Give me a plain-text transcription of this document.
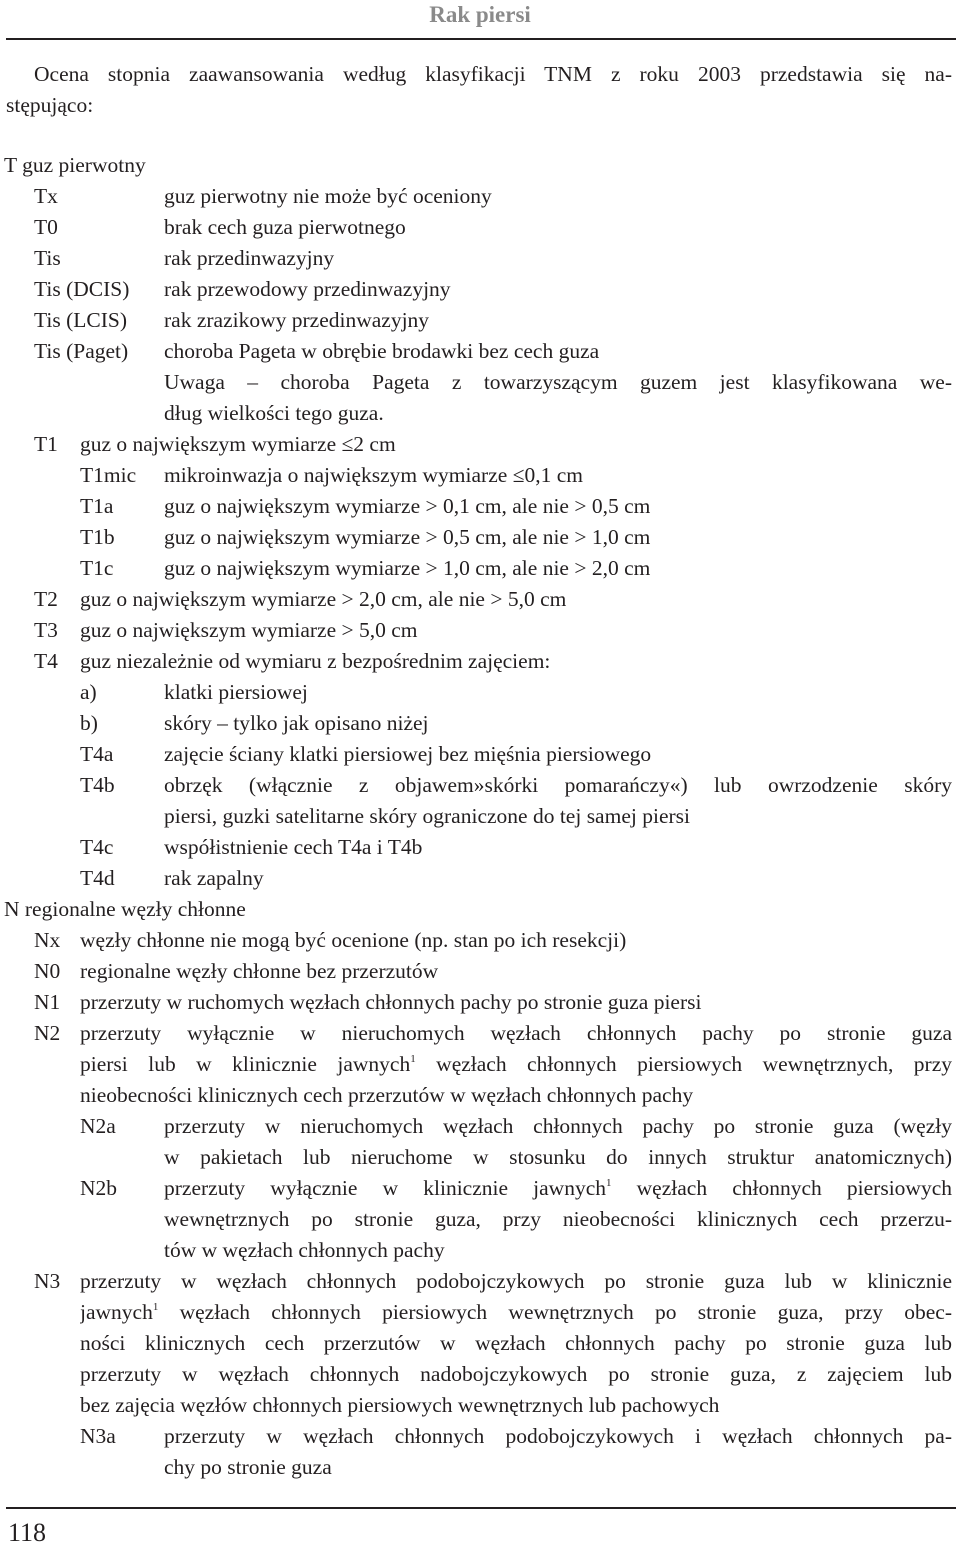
Rak piersi
Ocena stopnia zaawansowania według klasyfikacji TNM z roku 2003 przedstawia się na-
stępująco:
T guz pierwotny
Tx	guz pierwotny nie może być oceniony
T0	brak cech guza pierwotnego
Tis	rak przedinwazyjny
Tis (DCIS) rak przewodowy przedinwazyjny
Tis (LCIS) rak zrazikowy przedinwazyjny
Tis (Paget) choroba Pageta w obrębie brodawki bez cech guza
Uwaga – choroba Pageta z towarzyszącym guzem jest klasyfikowana we-
dług wielkości tego guza.
T1 guz o największym wymiarze ≤2 cm
T1mic mikroinwazja o największym wymiarze ≤0,1 cm
T1a guz o największym wymiarze > 0,1 cm, ale nie > 0,5 cm
T1b guz o największym wymiarze > 0,5 cm, ale nie > 1,0 cm
T1c guz o największym wymiarze > 1,0 cm, ale nie > 2,0 cm
T2 guz o największym wymiarze > 2,0 cm, ale nie > 5,0 cm
T3 guz o największym wymiarze > 5,0 cm
T4 guz niezależnie od wymiaru z bezpośrednim zajęciem:
a)	klatki piersiowej
b)	skóry – tylko jak opisano niżej
T4a zajęcie ściany klatki piersiowej bez mięśnia piersiowego
T4b obrzęk (włącznie z objawem»skórki pomarańczy«) lub owrzodzenie skóry
piersi, guzki satelitarne skóry ograniczone do tej samej piersi
T4c współistnienie cech T4a i T4b
T4d rak zapalny
N regionalne węzły chłonne
Nx węzły chłonne nie mogą być ocenione (np. stan po ich resekcji)
N0 regionalne węzły chłonne bez przerzutów
N1 przerzuty w ruchomych węzłach chłonnych pachy po stronie guza piersi
N2 przerzuty wyłącznie w nieruchomych węzłach chłonnych pachy po stronie guza
piersi lub w klinicznie jawnych$^1$ węzłach chłonnych piersiowych wewnętrznych, przy
nieobecności klinicznych cech przerzutów w węzłach chłonnych pachy
N2a przerzuty w nieruchomych węzłach chłonnych pachy po stronie guza (węzły
w pakietach lub nieruchome w stosunku do innych struktur anatomicznych)
N2b przerzuty wyłącznie w klinicznie jawnych$^1$ węzłach chłonnych piersiowych
wewnętrznych po stronie guza, przy nieobecności klinicznych cech przerzu-
tów w węzłach chłonnych pachy
N3 przerzuty w węzłach chłonnych podobojczykowych po stronie guza lub w klinicznie
jawnych$^1$ węzłach chłonnych piersiowych wewnętrznych po stronie guza, przy obec-
ności klinicznych cech przerzutów w węzłach chłonnych pachy po stronie guza lub
przerzuty w węzłach chłonnych nadobojczykowych po stronie guza, z zajęciem lub
bez zajęcia węzłów chłonnych piersiowych wewnętrznych lub pachowych
N3a przerzuty w węzłach chłonnych podobojczykowych i węzłach chłonnych pa-
chy po stronie guza
118
